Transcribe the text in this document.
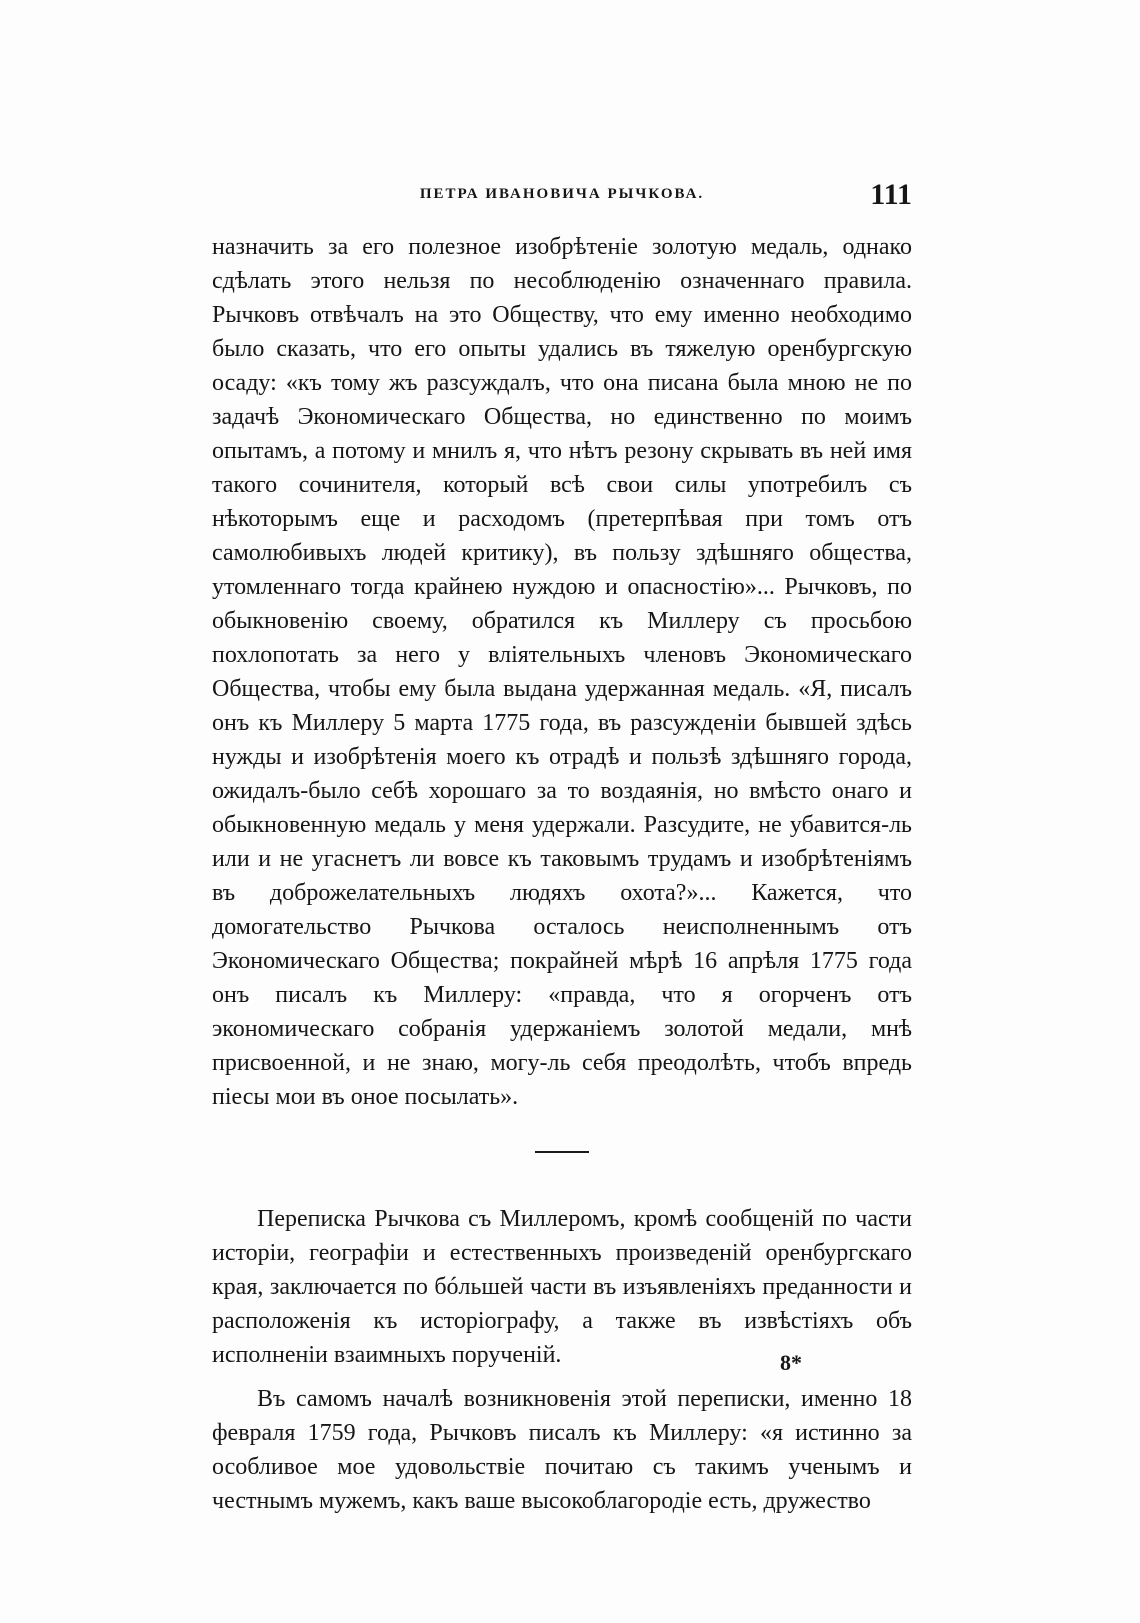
ПЕТРА ИВАНОВИЧА РЫЧКОВА.	111

назначить за его полезное изобрѣтеніе золотую медаль, однако сдѣлать этого нельзя по несоблюденію означеннаго правила. Рычковъ отвѣчалъ на это Обществу, что ему именно необходимо было сказать, что его опыты удались въ тяжелую оренбургскую осаду: «къ тому жъ разсуждалъ, что она писана была мною не по задачѣ Экономическаго Общества, но единственно по моимъ опытамъ, а потому и мнилъ я, что нѣтъ резону скрывать въ ней имя такого сочинителя, который всѣ свои силы употребилъ съ нѣкоторымъ еще и расходомъ (претерпѣвая при томъ отъ самолюбивыхъ людей критику), въ пользу здѣшняго общества, утомленнаго тогда крайнею нуждою и опасностію»... Рычковъ, по обыкновенію своему, обратился къ Миллеру съ просьбою похлопотать за него у вліятельныхъ членовъ Экономическаго Общества, чтобы ему была выдана удержанная медаль. «Я, писалъ онъ къ Миллеру 5 марта 1775 года, въ разсужденіи бывшей здѣсь нужды и изобрѣтенія моего къ отрадѣ и пользѣ здѣшняго города, ожидалъ-было себѣ хорошаго за то воздаянія, но вмѣсто онаго и обыкновенную медаль у меня удержали. Разсудите, не убавится-ль или и не угаснетъ ли вовсе къ таковымъ трудамъ и изобрѣтеніямъ въ доброжелательныхъ людяхъ охота?»... Кажется, что домогательство Рычкова осталось неисполненнымъ отъ Экономическаго Общества; покрайней мѣрѣ 16 апрѣля 1775 года онъ писалъ къ Миллеру: «правда, что я огорченъ отъ экономическаго собранія удержаніемъ золотой медали, мнѣ присвоенной, и не знаю, могу-ль себя преодолѣть, чтобъ впредь піесы мои въ оное посылать».

Переписка Рычкова съ Миллеромъ, кромѣ сообщеній по части исторіи, географіи и естественныхъ произведеній оренбургскаго края, заключается по бóльшей части въ изъявленіяхъ преданности и расположенія къ исторіографу, а также въ извѣстіяхъ объ исполненіи взаимныхъ порученій.

Въ самомъ началѣ возникновенія этой переписки, именно 18 февраля 1759 года, Рычковъ писалъ къ Миллеру: «я истинно за особливое мое удовольствіе почитаю съ такимъ ученымъ и честнымъ мужемъ, какъ ваше высокоблагородіе есть, дружество

8*
